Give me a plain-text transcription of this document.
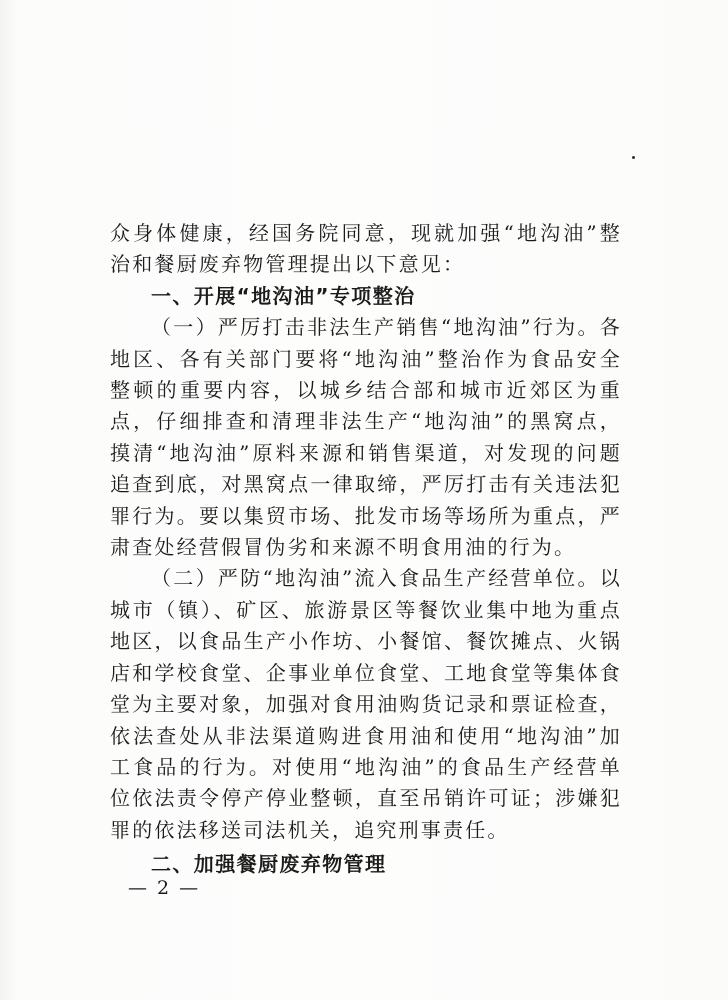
众身体健康，经国务院同意，现就加强“地沟油”整治和餐厨废弃物管理提出以下意见：

一、开展“地沟油”专项整治

（一）严厉打击非法生产销售“地沟油”行为。各地区、各有关部门要将“地沟油”整治作为食品安全整顿的重要内容，以城乡结合部和城市近郊区为重点，仔细排查和清理非法生产“地沟油”的黑窝点，摸清“地沟油”原料来源和销售渠道，对发现的问题追查到底，对黑窝点一律取缔，严厉打击有关违法犯罪行为。要以集贸市场、批发市场等场所为重点，严肃查处经营假冒伪劣和来源不明食用油的行为。

（二）严防“地沟油”流入食品生产经营单位。以城市（镇）、矿区、旅游景区等餐饮业集中地为重点地区，以食品生产小作坊、小餐馆、餐饮摊点、火锅店和学校食堂、企事业单位食堂、工地食堂等集体食堂为主要对象，加强对食用油购货记录和票证检查，依法查处从非法渠道购进食用油和使用“地沟油”加工食品的行为。对使用“地沟油”的食品生产经营单位依法责令停产停业整顿，直至吊销许可证；涉嫌犯罪的依法移送司法机关，追究刑事责任。

二、加强餐厨废弃物管理

— 2 —
